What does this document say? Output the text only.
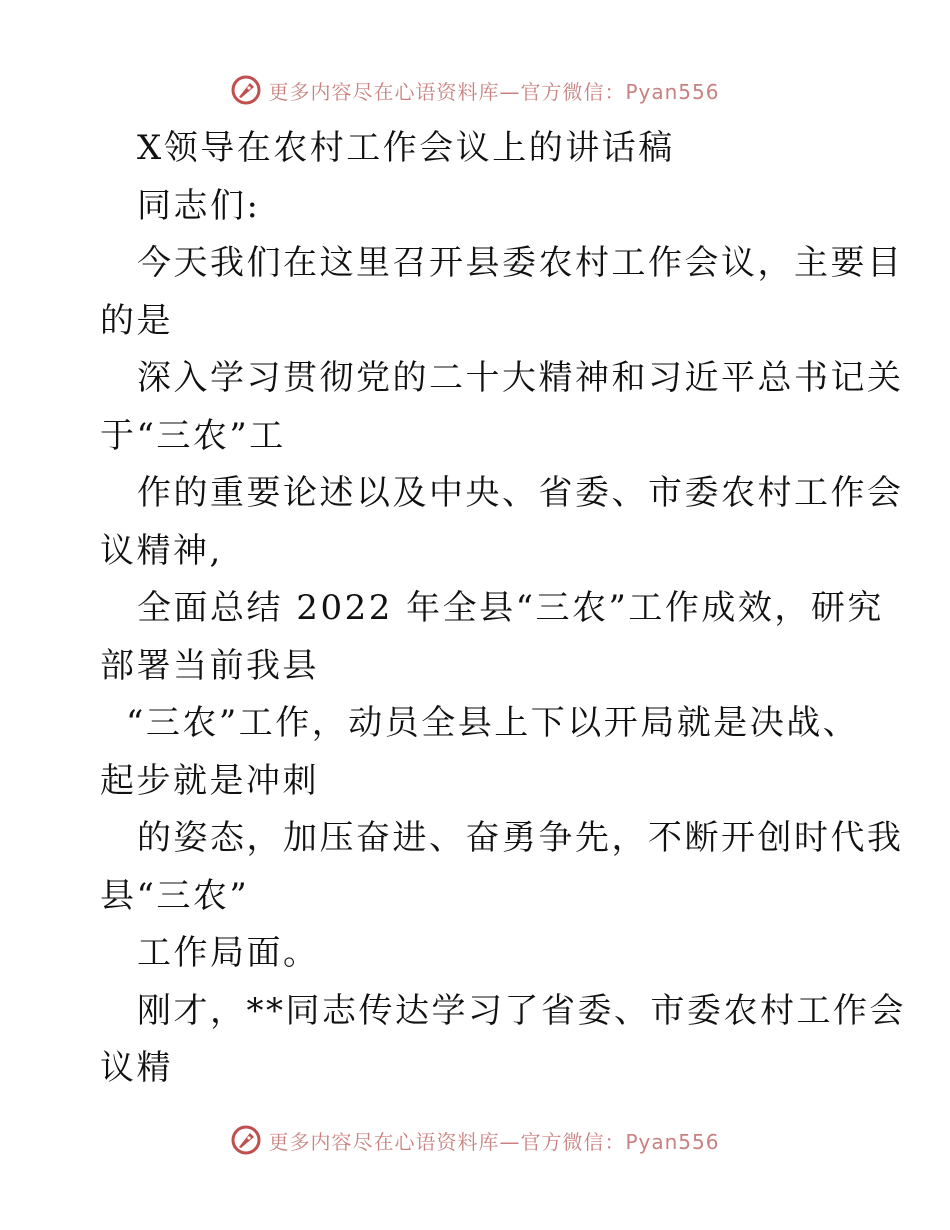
更多内容尽在心语资料库—官方微信：Pyan556
X领导在农村工作会议上的讲话稿
同志们:
今天我们在这里召开县委农村工作会议，主要目
的是
深入学习贯彻党的二十大精神和习近平总书记关
于“三农”工
作的重要论述以及中央、省委、市委农村工作会
议精神,
全面总结 2022 年全县“三农”工作成效，研究
部署当前我县
“三农”工作，动员全县上下以开局就是决战、
起步就是冲刺
的姿态，加压奋进、奋勇争先，不断开创时代我
县“三农”
工作局面。
刚才，**同志传达学习了省委、市委农村工作会
议精
更多内容尽在心语资料库—官方微信：Pyan556
